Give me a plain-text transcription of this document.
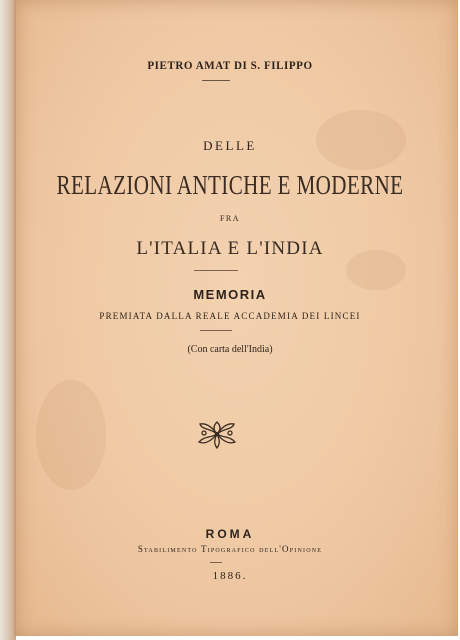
PIETRO AMAT DI S. FILIPPO
DELLE
RELAZIONI ANTICHE E MODERNE
FRA
L'ITALIA E L'INDIA
MEMORIA
PREMIATA DALLA REALE ACCADEMIA DEI LINCEI
(Con carta dell'India)
ROMA
Stabilimento Tipografico dell'Opinione
1886.
